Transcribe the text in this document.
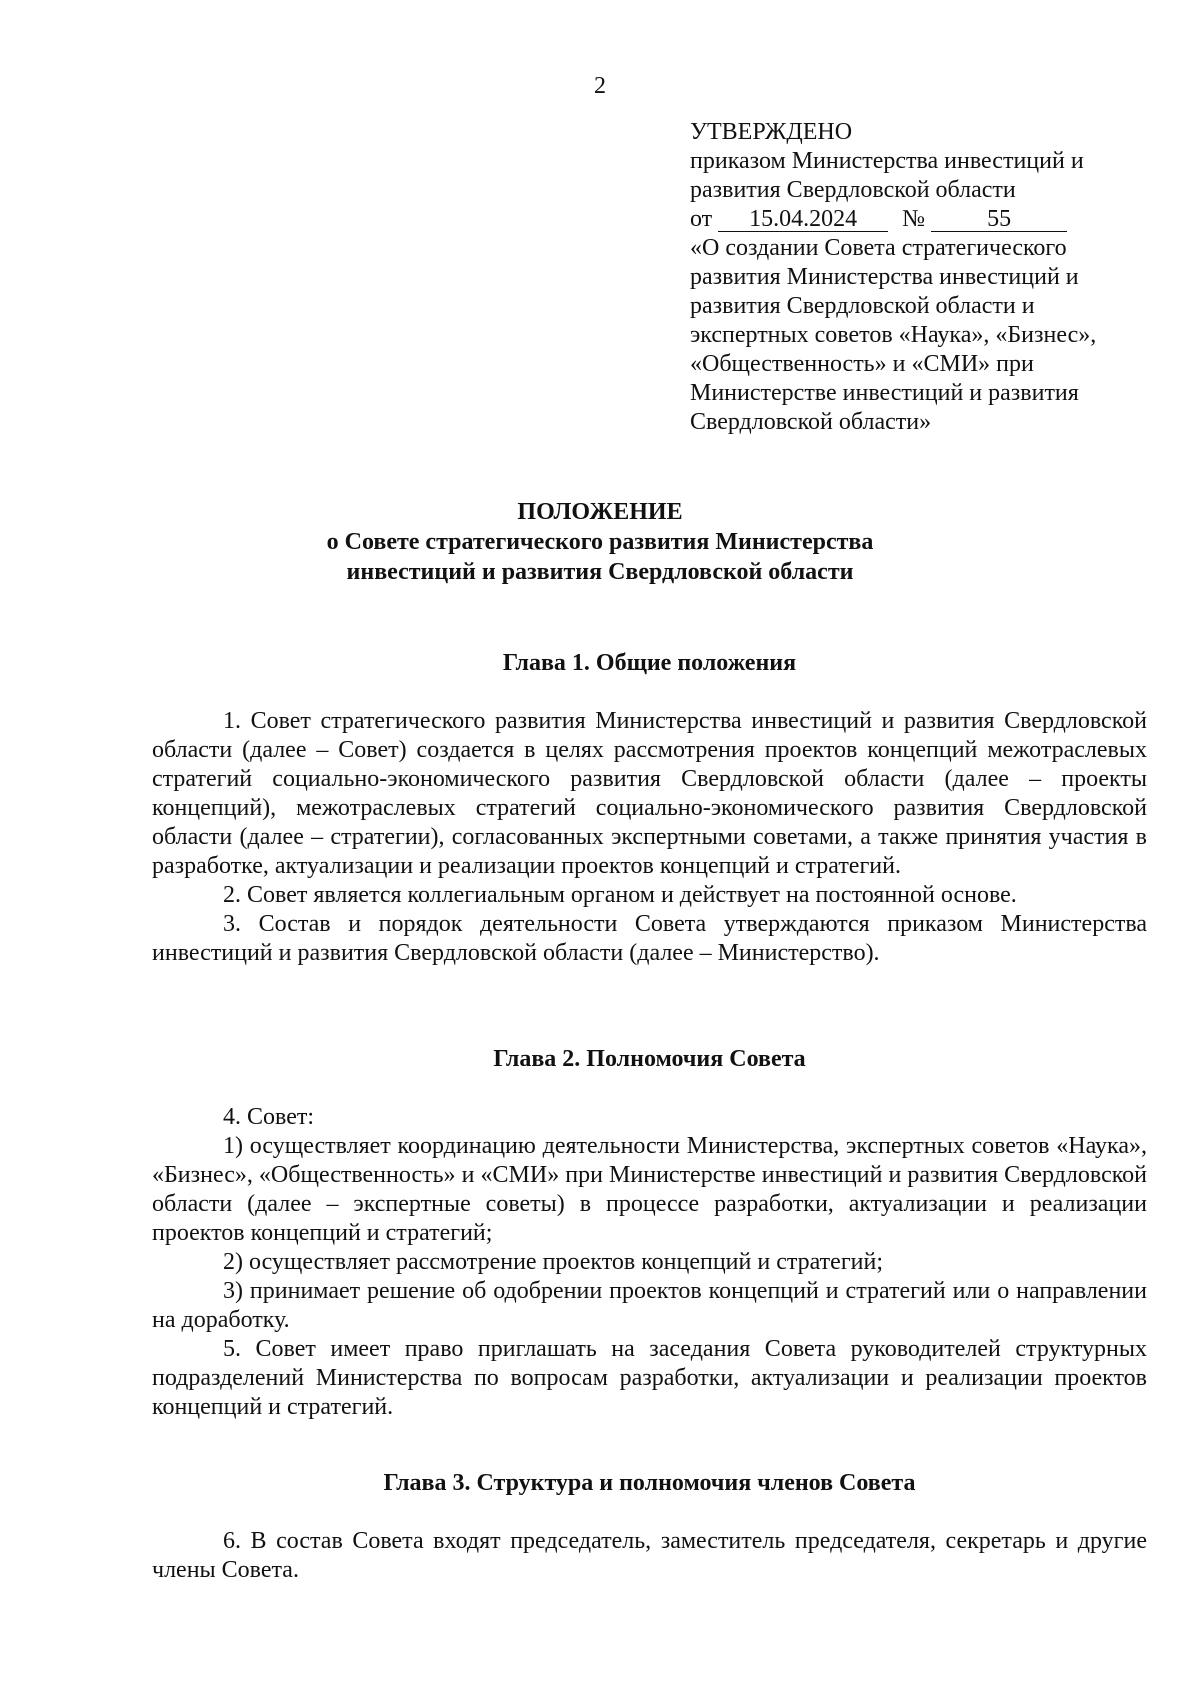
2
УТВЕРЖДЕНО
приказом Министерства инвестиций и
развития Свердловской области
от 15.04.2024 №	55
«О создании Совета стратегического
развития Министерства инвестиций и
развития Свердловской области и
экспертных советов «Наука», «Бизнес»,
«Общественность» и «СМИ» при
Министерстве инвестиций и развития
Свердловской области»
ПОЛОЖЕНИЕ
о Совете стратегического развития Министерства
инвестиций и развития Свердловской области

Глава 1. Общие положения

1. Совет стратегического развития Министерства инвестиций и развития Свердловской области (далее – Совет) создается в целях рассмотрения проектов концепций межотраслевых стратегий социально-экономического развития Свердловской области (далее – проекты концепций), межотраслевых стратегий социально-экономического развития Свердловской области (далее – стратегии), согласованных экспертными советами, а также принятия участия в разработке, актуализации и реализации проектов концепций и стратегий.

2. Совет является коллегиальным органом и действует на постоянной основе.

3. Состав и порядок деятельности Совета утверждаются приказом Министерства инвестиций и развития Свердловской области (далее – Министерство).

Глава 2. Полномочия Совета

4. Совет:

1) осуществляет координацию деятельности Министерства, экспертных советов «Наука», «Бизнес», «Общественность» и «СМИ» при Министерстве инвестиций и развития Свердловской области (далее – экспертные советы) в процессе разработки, актуализации и реализации проектов концепций и стратегий;

2) осуществляет рассмотрение проектов концепций и стратегий;

3) принимает решение об одобрении проектов концепций и стратегий или о направлении на доработку.

5. Совет имеет право приглашать на заседания Совета руководителей структурных подразделений Министерства по вопросам разработки, актуализации и реализации проектов концепций и стратегий.

Глава 3. Структура и полномочия членов Совета

6. В состав Совета входят председатель, заместитель председателя, секретарь и другие члены Совета.
